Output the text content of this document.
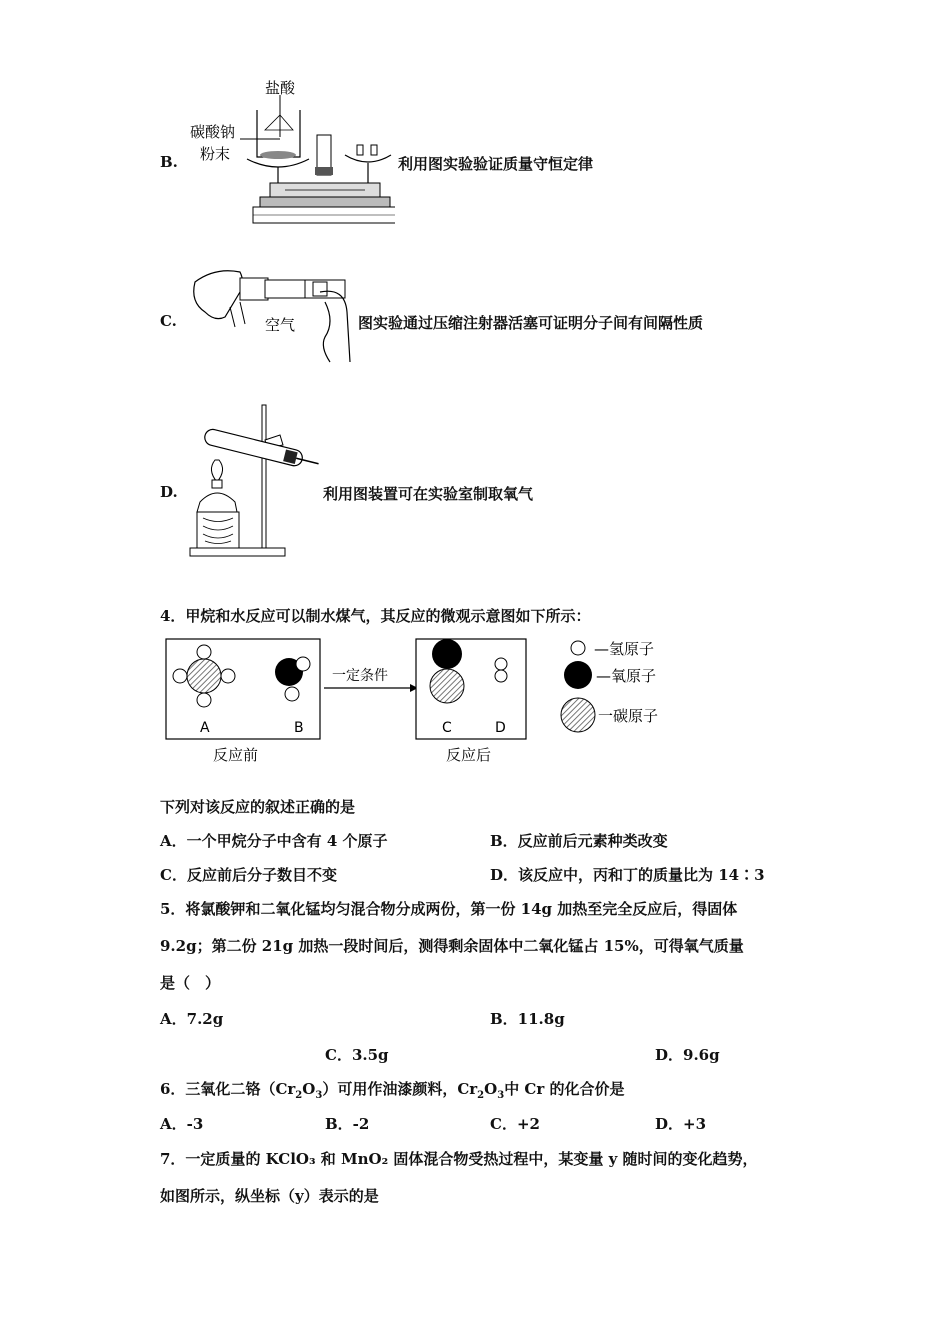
B.
盐酸
碳酸钠
粉末
利用图实验验证质量守恒定律
C.	空气	图实验通过压缩注射器活塞可证明分子间有间隔性质
D.	利用图装置可在实验室制取氧气
4．甲烷和水反应可以制水煤气，其反应的微观示意图如下所示：
A	B
反应前
一定条件
C	D
反应后
—氢原子
—氧原子
一碳原子
下列对该反应的叙述正确的是
A．一个甲烷分子中含有 4 个原子	B．反应前后元素种类改变
C．反应前后分子数目不变	D．该反应中，丙和丁的质量比为 14∶3
5．将氯酸钾和二氧化锰均匀混合物分成两份，第一份 14g 加热至完全反应后，得固体
9.2g；第二份 21g 加热一段时间后，测得剩余固体中二氧化锰占 15%，可得氧气质量
是（　）
A．7.2g	B．11.8g
C．3.5g	D．9.6g
6．三氧化二铬$(Cr_2O_3)$可用作油漆颜料，$Cr_2O_3$中 Cr 的化合价是
A．-3	B．-2	C．+2	D．+3
7．一定质量的 KClO₃ 和 MnO₂ 固体混合物受热过程中，某变量 y 随时间的变化趋势，
如图所示，纵坐标（y）表示的是
